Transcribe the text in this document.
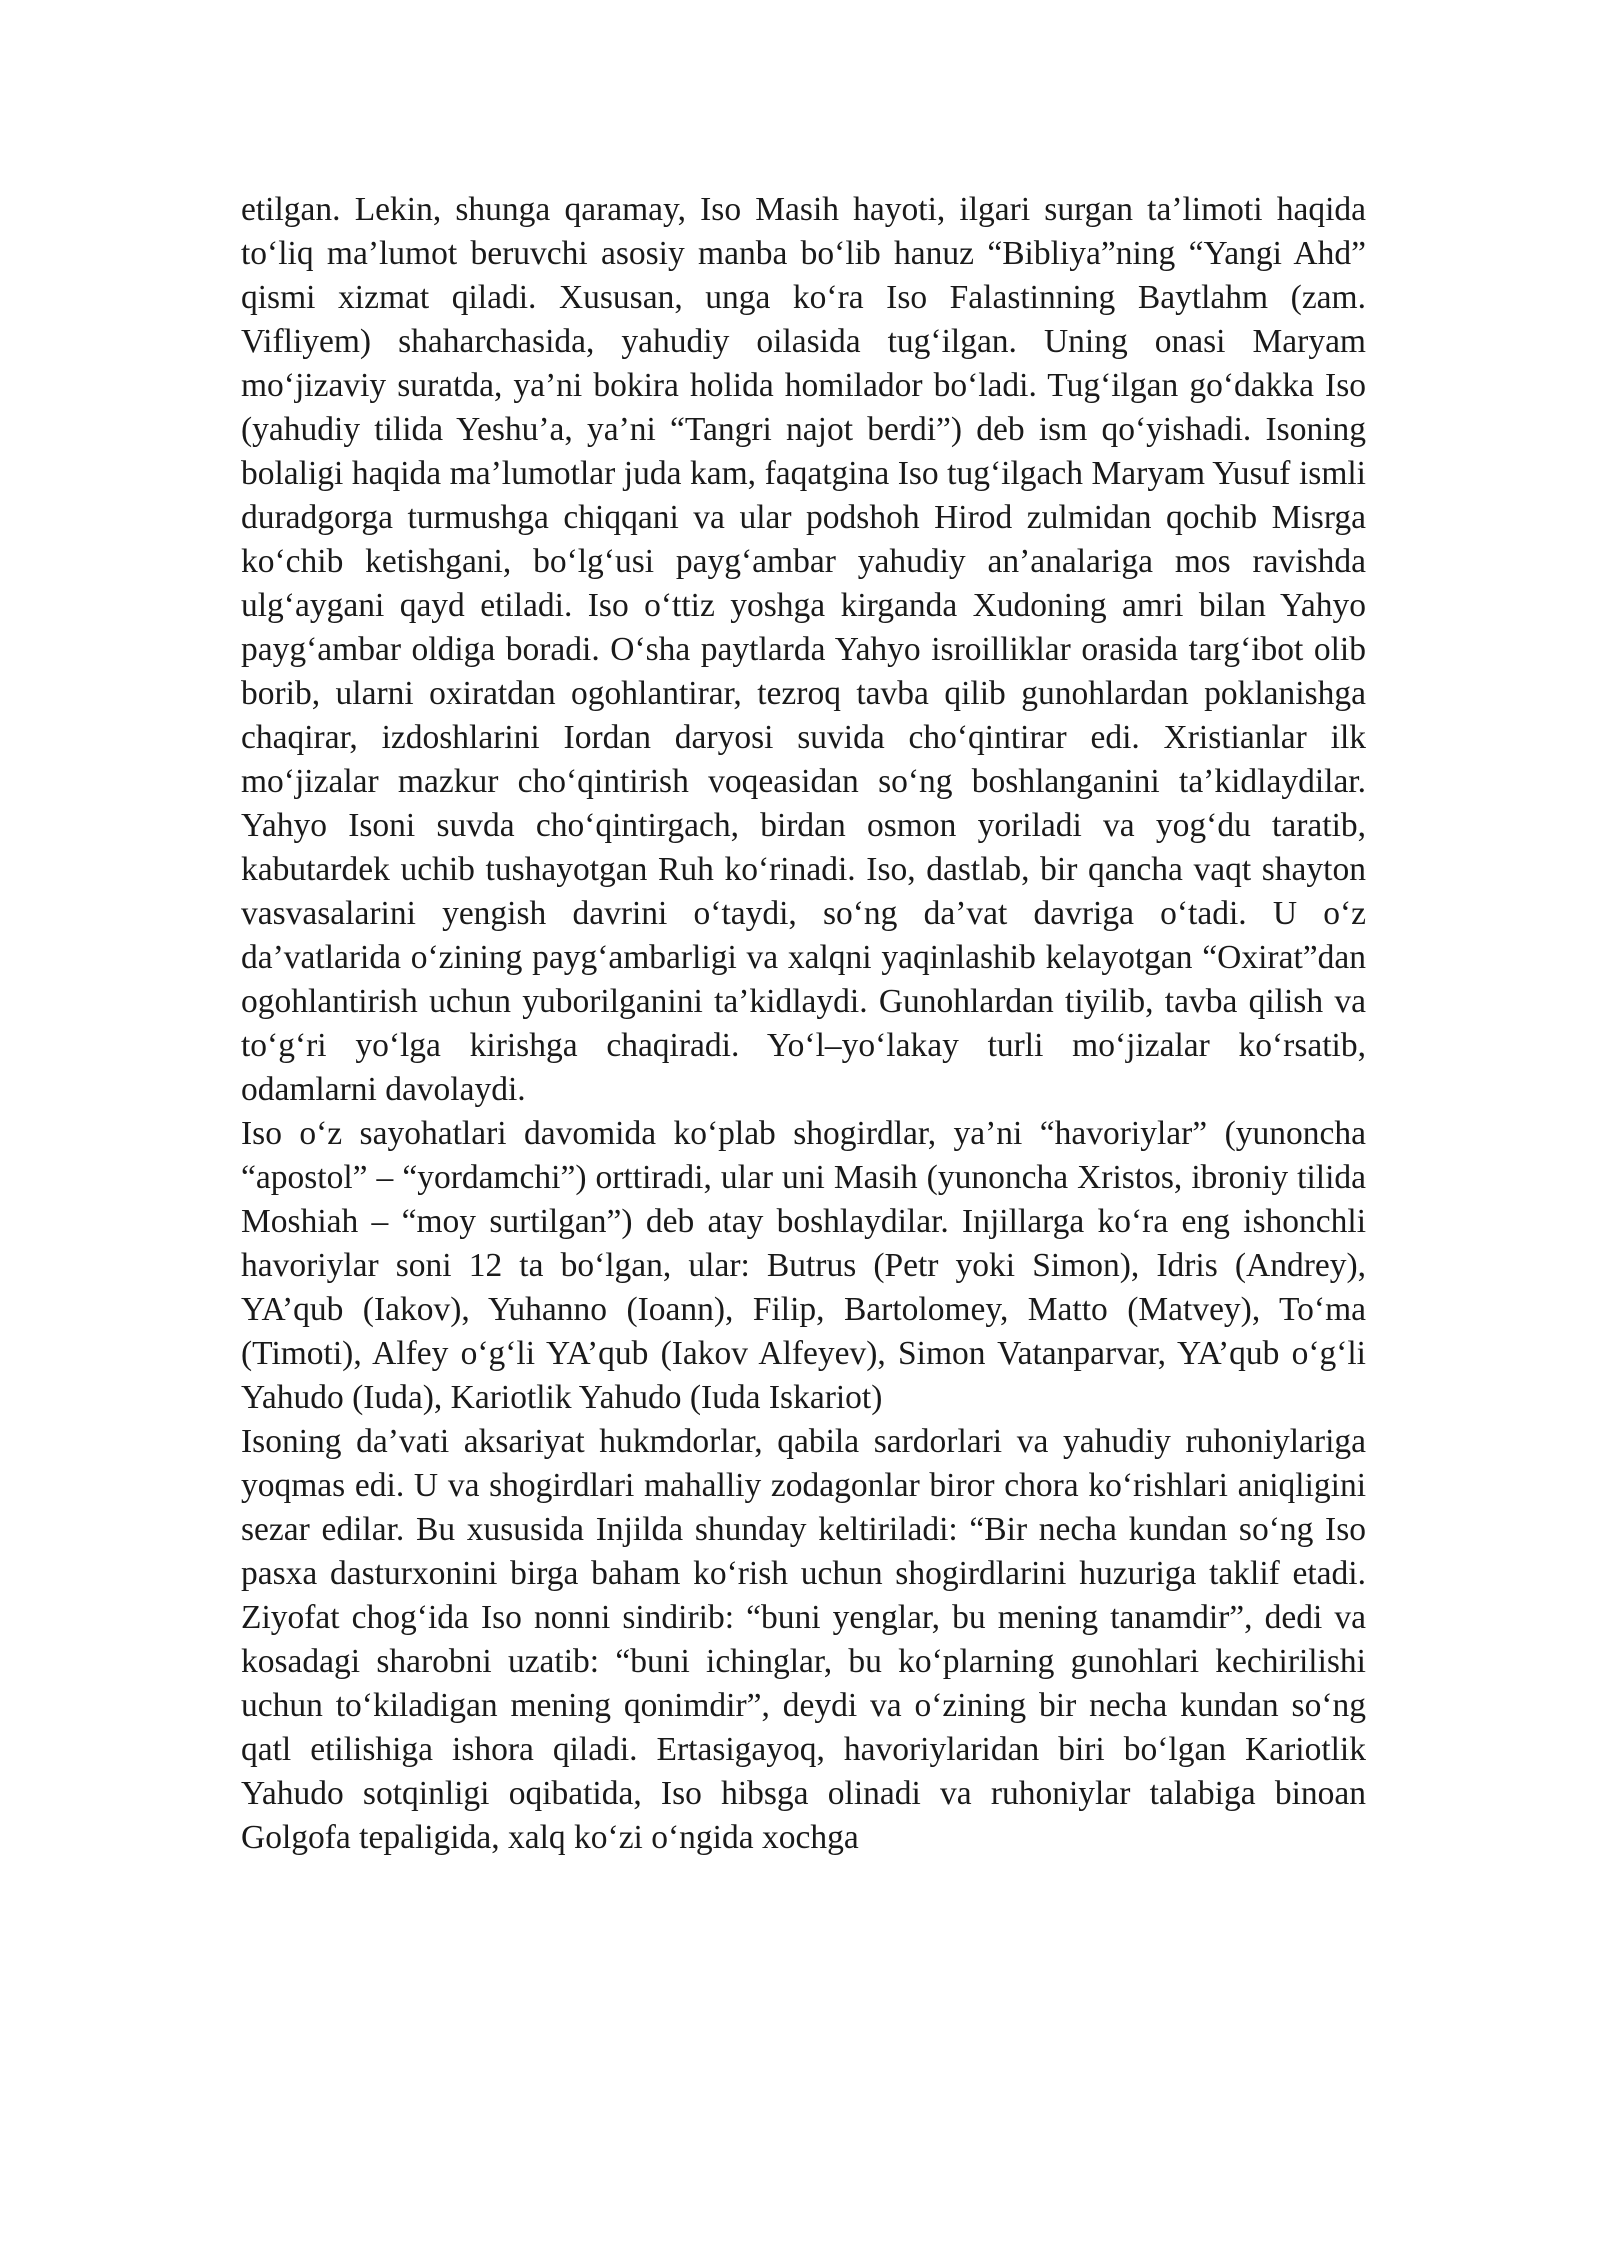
etilgan. Lekin, shunga qaramay, Iso Masih hayoti, ilgari surgan ta’limoti haqida to‘liq ma’lumot beruvchi asosiy manba bo‘lib hanuz “Bibliya”ning “Yangi Ahd” qismi xizmat qiladi. Xususan, unga ko‘ra Iso Falastinning Baytlahm (zam. Vifliyem) shaharchasida, yahudiy oilasida tug‘ilgan. Uning onasi Maryam mo‘jizaviy suratda, ya’ni bokira holida homilador bo‘ladi. Tug‘ilgan go‘dakka Iso (yahudiy tilida Yeshu’a, ya’ni “Tangri najot berdi”) deb ism qo‘yishadi. Isoning bolaligi haqida ma’lumotlar juda kam, faqatgina Iso tug‘ilgach Maryam Yusuf ismli duradgorga turmushga chiqqani va ular podshoh Hirod zulmidan qochib Misrga ko‘chib ketishgani, bo‘lg‘usi payg‘ambar yahudiy an’analariga mos ravishda ulg‘aygani qayd etiladi. Iso o‘ttiz yoshga kirganda Xudoning amri bilan Yahyo payg‘ambar oldiga boradi. O‘sha paytlarda Yahyo isroilliklar orasida targ‘ibot olib borib, ularni oxiratdan ogohlantirar, tezroq tavba qilib gunohlardan poklanishga chaqirar, izdoshlarini Iordan daryosi suvida cho‘qintirar edi. Xristianlar ilk mo‘jizalar mazkur cho‘qintirish voqeasidan so‘ng boshlanganini ta’kidlaydilar. Yahyo Isoni suvda cho‘qintirgach, birdan osmon yoriladi va yog‘du taratib, kabutardek uchib tushayotgan Ruh ko‘rinadi. Iso, dastlab, bir qancha vaqt shayton vasvasalarini yengish davrini o‘taydi, so‘ng da’vat davriga o‘tadi. U o‘z da’vatlarida o‘zining payg‘ambarligi va xalqni yaqinlashib kelayotgan “Oxirat”dan ogohlantirish uchun yuborilganini ta’kidlaydi. Gunohlardan tiyilib, tavba qilish va to‘g‘ri yo‘lga kirishga chaqiradi. Yo‘l–yo‘lakay turli mo‘jizalar ko‘rsatib, odamlarni davolaydi.

Iso o‘z sayohatlari davomida ko‘plab shogirdlar, ya’ni “havoriylar” (yunoncha “apostol” – “yordamchi”) orttiradi, ular uni Masih (yunoncha Xristos, ibroniy tilida Moshiah – “moy surtilgan”) deb atay boshlaydilar. Injillarga ko‘ra eng ishonchli havoriylar soni 12 ta bo‘lgan, ular: Butrus (Petr yoki Simon), Idris (Andrey), YA’qub (Iakov), Yuhanno (Ioann), Filip, Bartolomey, Matto (Matvey), To‘ma (Timoti), Alfey o‘g‘li YA’qub (Iakov Alfeyev), Simon Vatanparvar, YA’qub o‘g‘li Yahudo (Iuda), Kariotlik Yahudo (Iuda Iskariot)

Isoning da’vati aksariyat hukmdorlar, qabila sardorlari va yahudiy ruhoniylariga yoqmas edi. U va shogirdlari mahalliy zodagonlar biror chora ko‘rishlari aniqligini sezar edilar. Bu xususida Injilda shunday keltiriladi: “Bir necha kundan so‘ng Iso pasxa dasturxonini birga baham ko‘rish uchun shogirdlarini huzuriga taklif etadi. Ziyofat chog‘ida Iso nonni sindirib: “buni yenglar, bu mening tanamdir”, dedi va kosadagi sharobni uzatib: “buni ichinglar, bu ko‘plarning gunohlari kechirilishi uchun to‘kiladigan mening qonimdir”, deydi va o‘zining bir necha kundan so‘ng qatl etilishiga ishora qiladi. Ertasigayoq, havoriylaridan biri bo‘lgan Kariotlik Yahudo sotqinligi oqibatida, Iso hibsga olinadi va ruhoniylar talabiga binoan Golgofa tepaligida, xalq ko‘zi o‘ngida xochga
